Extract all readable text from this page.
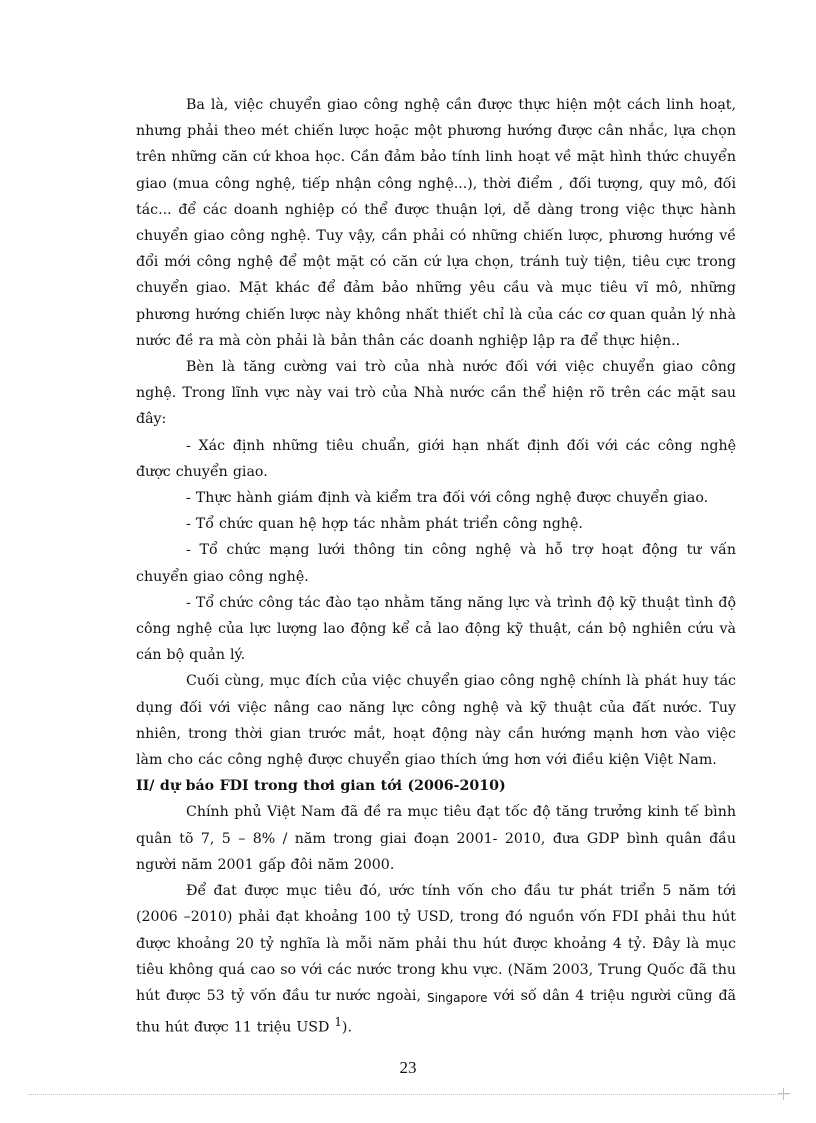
Ba là, việc chuyển giao công nghệ cần được thực hiện một cách linh hoạt, nhưng phải theo mét chiến lược hoặc một phương hướng được cân nhắc, lựa chọn trên những căn cứ khoa học. Cần đảm bảo tính linh hoạt về mặt hình thức chuyển giao (mua công nghệ, tiếp nhận công nghệ...), thời điểm , đối tượng, quy mô, đối tác... để các doanh nghiệp có thể được thuận lợi, dễ dàng trong việc thực hành chuyển giao công nghệ. Tuy vậy, cần phải có những chiến lược, phương hướng về đổi mới công nghệ để một mặt có căn cứ lựa chọn, tránh tuỳ tiện, tiêu cực trong chuyển giao. Mặt khác để đảm bảo những yêu cầu và mục tiêu vĩ mô, những phương hướng chiến lược này không nhất thiết chỉ là của các cơ quan quản lý nhà nước đề ra mà còn phải là bản thân các doanh nghiệp lập ra để thực hiện..

Bèn là tăng cường vai trò của nhà nước đối với việc chuyển giao công nghệ. Trong lĩnh vực này vai trò của Nhà nước cần thể hiện rõ trên các mặt sau đây:

- Xác định những tiêu chuẩn, giới hạn nhất định đối với các công nghệ được chuyển giao.

- Thực hành giám định và kiểm tra đối với công nghệ được chuyển giao.

- Tổ chức quan hệ hợp tác nhằm phát triển công nghệ.

- Tổ chức mạng lưới thông tin công nghệ và hỗ trợ hoạt động tư vấn chuyển giao công nghệ.

- Tổ chức công tác đào tạo nhằm tăng năng lực và trình độ kỹ thuật tình độ công nghệ của lực lượng lao động kể cả lao động kỹ thuật, cán bộ nghiên cứu và cán bộ quản lý.

Cuối cùng, mục đích của việc chuyển giao công nghệ chính là phát huy tác dụng đối với việc nâng cao năng lực công nghệ và kỹ thuật của đất nước. Tuy nhiên, trong thời gian trước mắt, hoạt động này cần hướng mạnh hơn vào việc làm cho các công nghệ được chuyển giao thích ứng hơn với điều kiện Việt Nam.

II/ dự báo FDI trong thơi gian tới (2006-2010)

Chính phủ Việt Nam đã đề ra mục tiêu đạt tốc độ tăng trưởng kinh tế bình quân tõ 7, 5 – 8% / năm trong giai đoạn 2001- 2010, đưa GDP bình quân đầu người năm 2001 gấp đôi năm 2000.

Để đat được mục tiêu đó, ước tính vốn cho đầu tư phát triển 5 năm tới (2006 –2010) phải đạt khoảng 100 tỷ USD, trong đó nguồn vốn FDI phải thu hút được khoảng 20 tỷ nghĩa là mỗi năm phải thu hút được khoảng 4 tỷ. Đây là mục tiêu không quá cao so với các nước trong khu vực. (Năm 2003, Trung Quốc đã thu hút được 53 tỷ vốn đầu tư nước ngoài, Singapore với số dân 4 triệu người cũng đã thu hút được 11 triệu USD $^1$).

23
